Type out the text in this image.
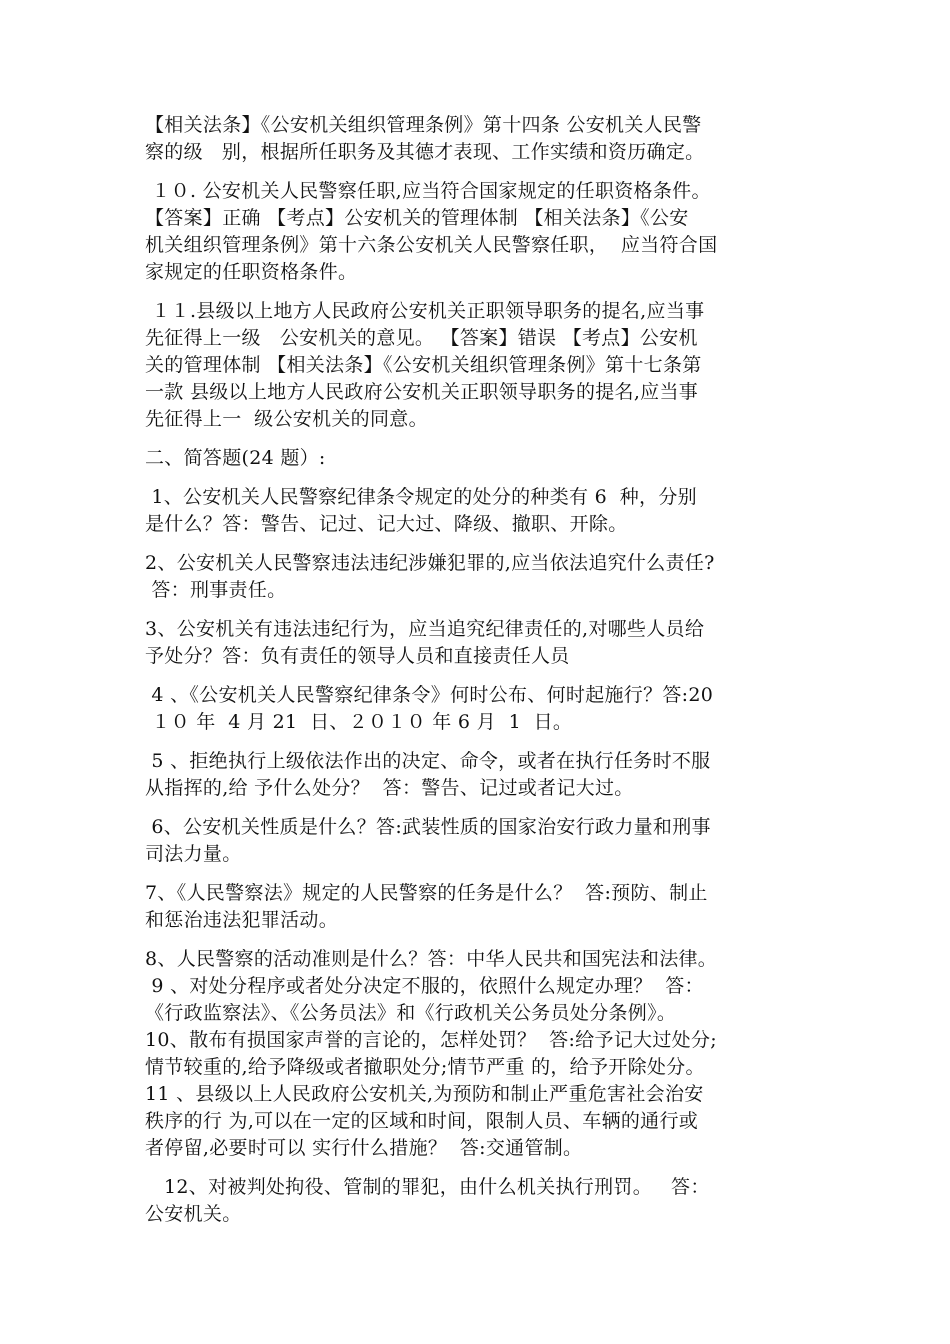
【相关法条】《公安机关组织管理条例》第十四条 公安机关人民警
察的级   别，根据所任职务及其德才表现、工作实绩和资历确定。
１０. 公安机关人民警察任职,应当符合国家规定的任职资格条件。
【答案】正确 【考点】公安机关的管理体制 【相关法条】《公安
机关组织管理条例》第十六条公安机关人民警察任职，  应当符合国
家规定的任职资格条件。
１１.县级以上地方人民政府公安机关正职领导职务的提名,应当事
先征得上一级   公安机关的意见。 【答案】错误 【考点】公安机
关的管理体制 【相关法条】《公安机关组织管理条例》第十七条第
一款 县级以上地方人民政府公安机关正职领导职务的提名,应当事
先征得上一  级公安机关的同意。
二、简答题(24 题）:
1、公安机关人民警察纪律条令规定的处分的种类有 6  种，分别
是什么？答：警告、记过、记大过、降级、撤职、开除。
2、公安机关人民警察违法违纪涉嫌犯罪的,应当依法追究什么责任?
答：刑事责任。
3、公安机关有违法违纪行为，应当追究纪律责任的,对哪些人员给
予处分？答：负有责任的领导人员和直接责任人员
4 、《公安机关人民警察纪律条令》何时公布、何时起施行？答:20
１０ 年  4 月 21  日、２０１０ 年 6 月  1  日。
5 、拒绝执行上级依法作出的决定、命令，或者在执行任务时不服
从指挥的,给 予什么处分？  答：警告、记过或者记大过。
6、公安机关性质是什么？答:武装性质的国家治安行政力量和刑事
司法力量。
7、《人民警察法》规定的人民警察的任务是什么？  答:预防、制止
和惩治违法犯罪活动。
8、人民警察的活动准则是什么？答：中华人民共和国宪法和法律。
9 、对处分程序或者处分决定不服的，依照什么规定办理？  答：
《行政监察法》、《公务员法》和《行政机关公务员处分条例》。
10、散布有损国家声誉的言论的，怎样处罚？  答:给予记大过处分;
情节较重的,给予降级或者撤职处分;情节严重 的，给予开除处分。
11 、县级以上人民政府公安机关,为预防和制止严重危害社会治安
秩序的行 为,可以在一定的区域和时间，限制人员、车辆的通行或
者停留,必要时可以 实行什么措施？  答:交通管制。
12、对被判处拘役、管制的罪犯，由什么机关执行刑罚。   答：
公安机关。
